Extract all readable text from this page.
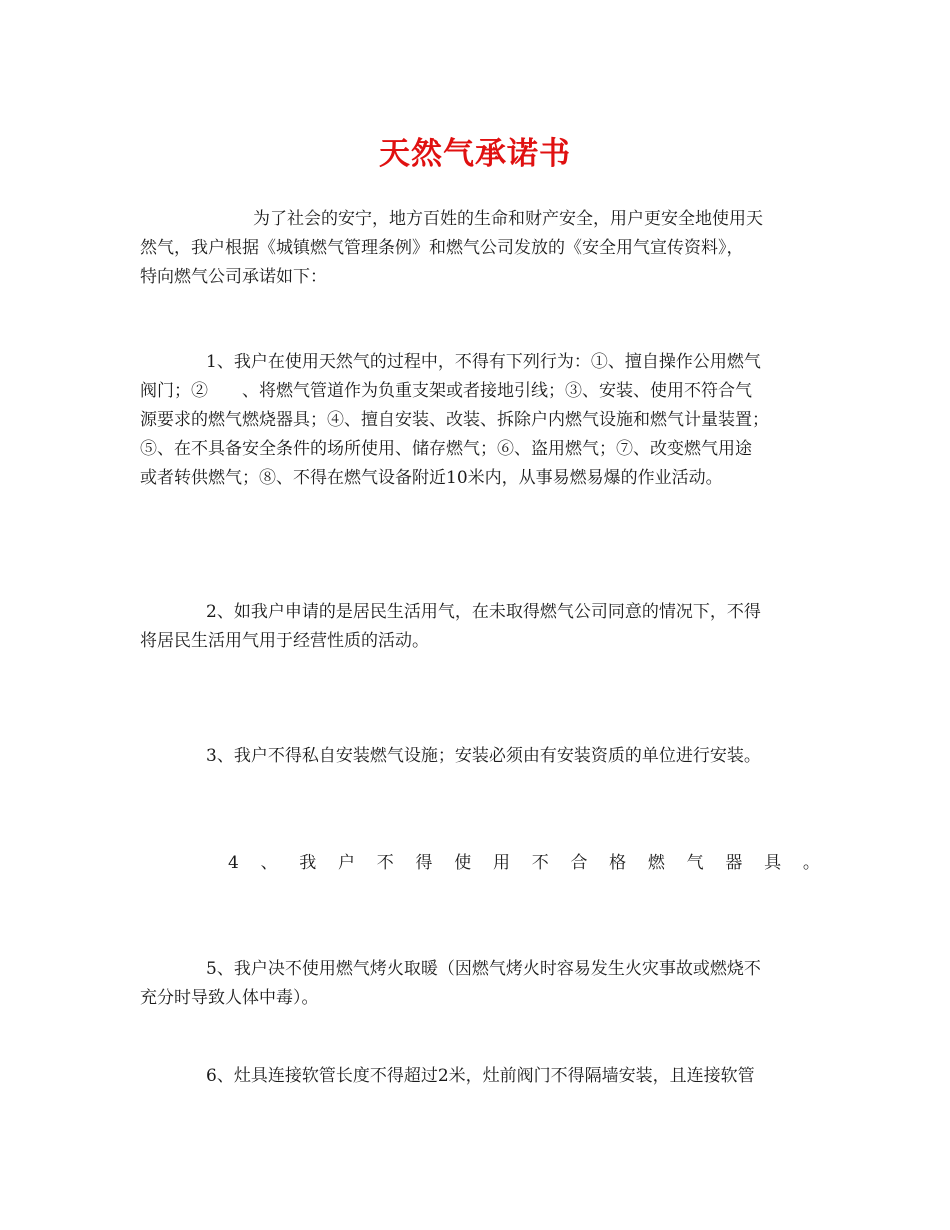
天然气承诺书

为了社会的安宁，地方百姓的生命和财产安全，用户更安全地使用天
然气，我户根据《城镇燃气管理条例》和燃气公司发放的《安全用气宣传资料》，
特向燃气公司承诺如下：

1、我户在使用天然气的过程中，不得有下列行为：①、擅自操作公用燃气
阀门；②　　、将燃气管道作为负重支架或者接地引线；③、安装、使用不符合气
源要求的燃气燃烧器具；④、擅自安装、改装、拆除户内燃气设施和燃气计量装置；
⑤、在不具备安全条件的场所使用、储存燃气；⑥、盗用燃气；⑦、改变燃气用途
或者转供燃气；⑧、不得在燃气设备附近10米内，从事易燃易爆的作业活动。

2、如我户申请的是居民生活用气，在未取得燃气公司同意的情况下，不得
将居民生活用气用于经营性质的活动。

3、我户不得私自安装燃气设施；安装必须由有安装资质的单位进行安装。

4 、 我 户 不 得 使 用 不 合 格 燃 气 器 具 。

5、我户决不使用燃气烤火取暖（因燃气烤火时容易发生火灾事故或燃烧不
充分时导致人体中毒）。

6、灶具连接软管长度不得超过2米，灶前阀门不得隔墙安装，且连接软管
